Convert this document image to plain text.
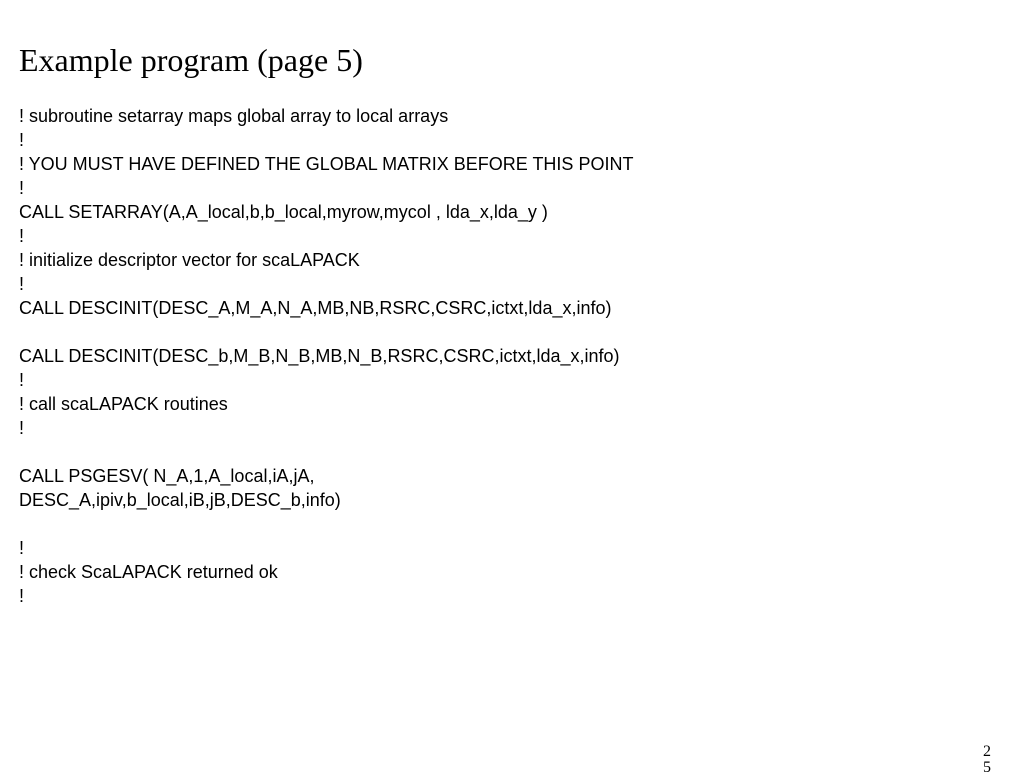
Example program (page 5)
! subroutine setarray maps global array to local arrays
!
! YOU MUST HAVE DEFINED THE GLOBAL MATRIX BEFORE THIS POINT
!
CALL SETARRAY(A,A_local,b,b_local,myrow,mycol , lda_x,lda_y )
!
! initialize descriptor vector for scaLAPACK
!
CALL DESCINIT(DESC_A,M_A,N_A,MB,NB,RSRC,CSRC,ictxt,lda_x,info)
CALL DESCINIT(DESC_b,M_B,N_B,MB,N_B,RSRC,CSRC,ictxt,lda_x,info)
!
! call scaLAPACK routines
!
CALL PSGESV( N_A,1,A_local,iA,jA,
DESC_A,ipiv,b_local,iB,jB,DESC_b,info)
!
! check ScaLAPACK returned ok
!
2
5
